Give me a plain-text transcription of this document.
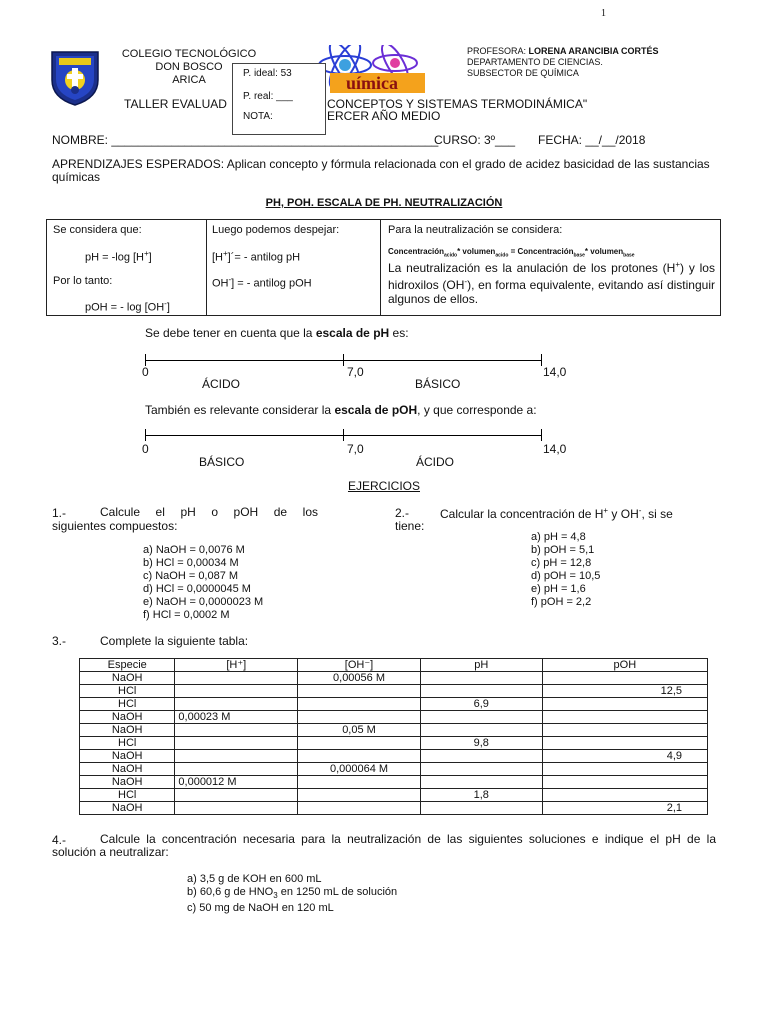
1
COLEGIO TECNOLÓGICO
DON BOSCO
ARICA	uímica
P. ideal: 53
P. real: ___
NOTA:
PROFESORA: LORENA ARANCIBIA CORTÉS
DEPARTAMENTO DE CIENCIAS.
SUBSECTOR DE QUÍMICA
TALLER EVALUAD	CONCEPTOS Y SISTEMAS TERMODINÁMICA"
ERCER AÑO MEDIO
NOMBRE: _________________________________________________
CURSO: 3º___ FECHA: __/__/2018
APRENDIZAJES ESPERADOS: Aplican concepto y fórmula relacionada con el grado de acidez basicidad de las sustancias químicas
PH, POH. ESCALA DE PH. NEUTRALIZACIÓN
Se considera que:
pH = -log [H+]
Por lo tanto:
pOH = - log [OH-]
Luego podemos despejar:
[H+]´= - antilog pH
OH-] = - antilog pOH
Para la neutralización se considera:
Concentración$_{acido}$* volumen$_{acido}$ = Concentración$_{base}$* volumen$_{base}$
La neutralización es la anulación de los protones (H+) y los hidroxilos (OH-), en forma equivalente, evitando así distinguir algunos de ellos.
Se debe tener en cuenta que la escala de pH es:
0	7,0	14,0
ÁCIDO	BÁSICO
También es relevante considerar la escala de pOH, y que corresponde a:
0	7,0	14,0
BÁSICO	ÁCIDO
EJERCICIOS
1.-	Calcule el pH o pOH de los
siguientes compuestos:
a) NaOH = 0,0076 M
b) HCl = 0,00034 M
c) NaOH = 0,087 M
d) HCl = 0,0000045 M
e) NaOH = 0,0000023 M
f) HCl = 0,0002 M
2.-	Calcular la concentración de H+ y OH-, si se
tiene:
a) pH = 4,8
b) pOH = 5,1
c) pH = 12,8
d) pOH = 10,5
e) pH = 1,6
f) pOH = 2,2
3.-	Complete la siguiente tabla:
Especie	[H⁺]	[OH⁻]	pH	pOH
NaOH		0,00056 M		
HCl				12,5
HCl			6,9	
NaOH	0,00023 M			
NaOH		0,05 M		
HCl			9,8	
NaOH				4,9
NaOH		0,000064 M		
NaOH	0,000012 M			
HCl			1,8	
NaOH				2,1
4.-	Calcule la concentración necesaria para la neutralización de las siguientes soluciones e indique el pH de la solución a neutralizar:
a) 3,5 g de KOH en 600 mL
b) 60,6 g de $HNO_3$ en 1250 mL de solución
c) 50 mg de NaOH en 120 mL
